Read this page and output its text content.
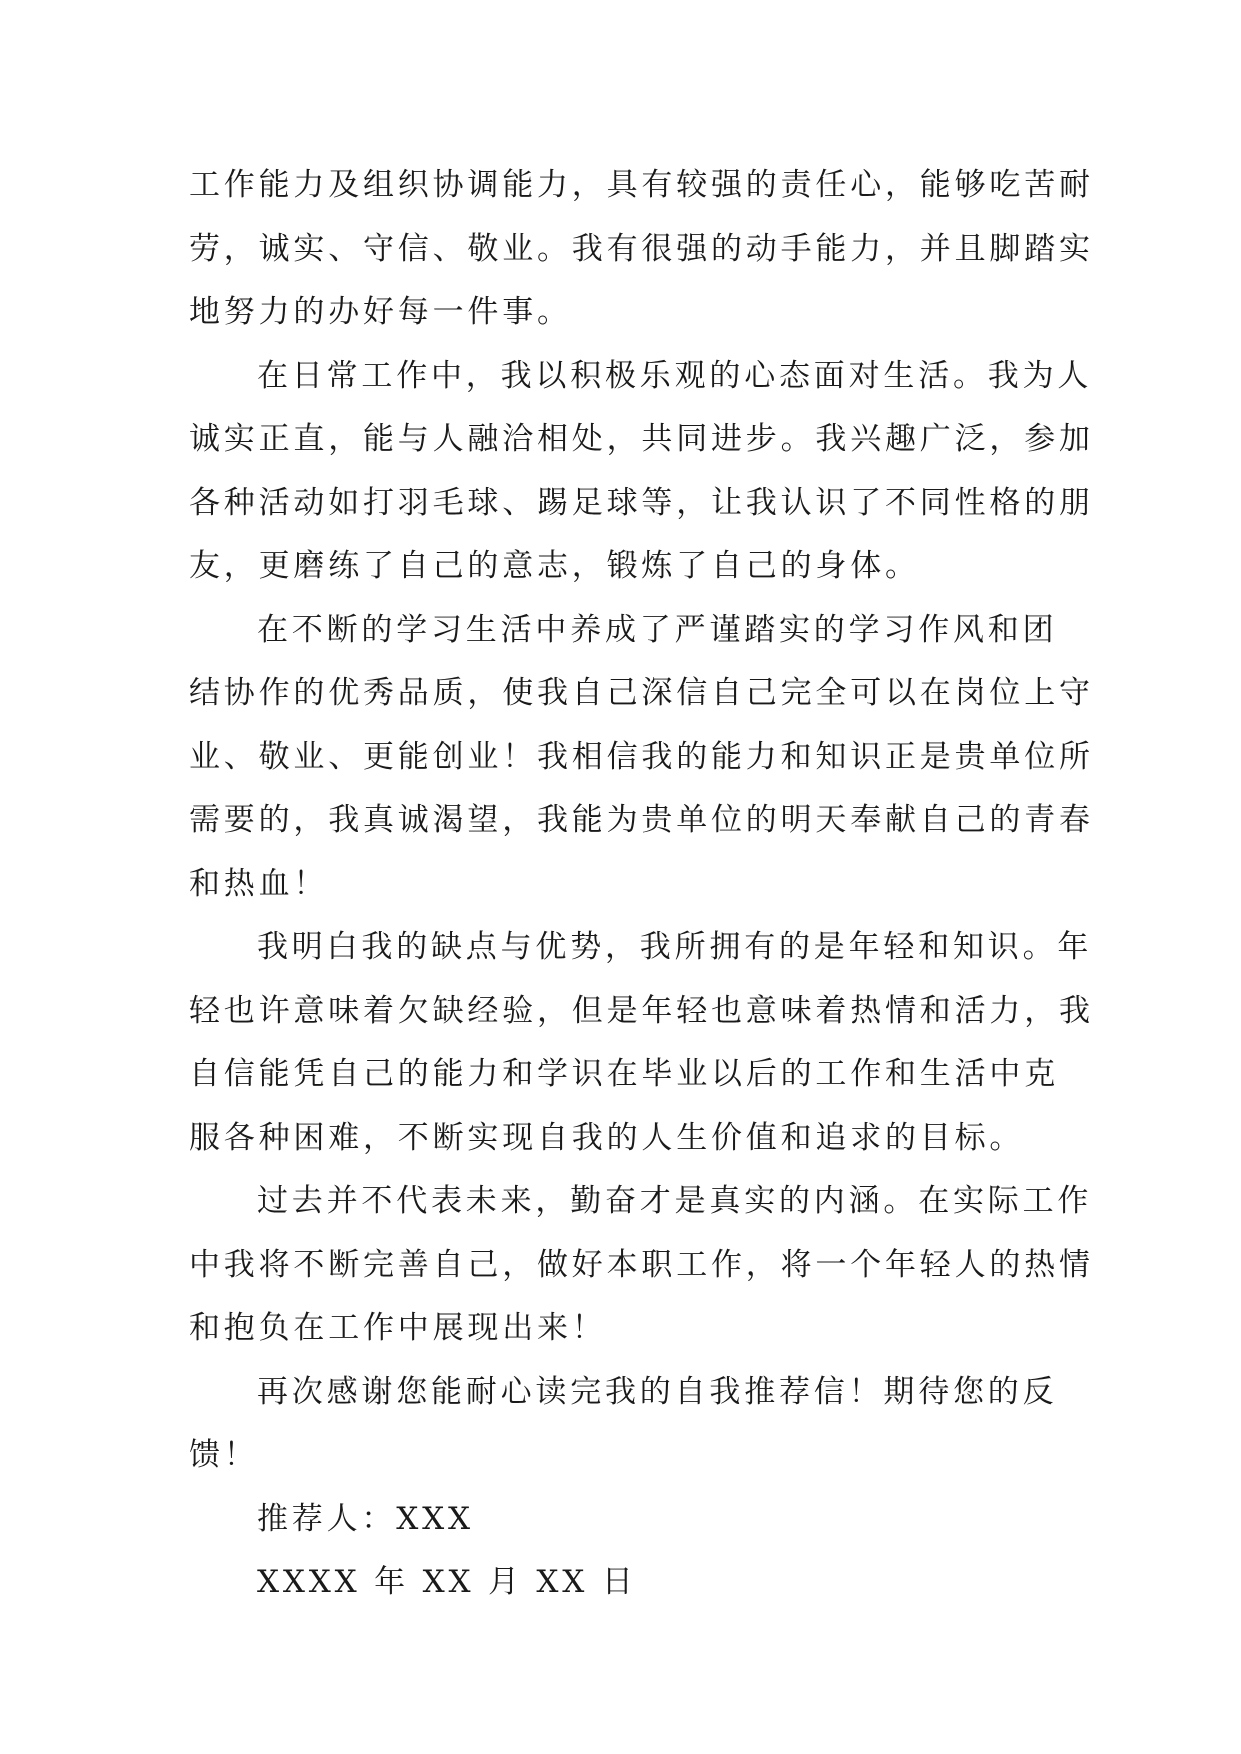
工作能力及组织协调能力，具有较强的责任心，能够吃苦耐
劳，诚实、守信、敬业。我有很强的动手能力，并且脚踏实
地努力的办好每一件事。
在日常工作中，我以积极乐观的心态面对生活。我为人
诚实正直，能与人融洽相处，共同进步。我兴趣广泛，参加
各种活动如打羽毛球、踢足球等，让我认识了不同性格的朋
友，更磨练了自己的意志，锻炼了自己的身体。
在不断的学习生活中养成了严谨踏实的学习作风和团
结协作的优秀品质，使我自己深信自己完全可以在岗位上守
业、敬业、更能创业！我相信我的能力和知识正是贵单位所
需要的，我真诚渴望，我能为贵单位的明天奉献自己的青春
和热血！
我明白我的缺点与优势，我所拥有的是年轻和知识。年
轻也许意味着欠缺经验，但是年轻也意味着热情和活力，我
自信能凭自己的能力和学识在毕业以后的工作和生活中克
服各种困难，不断实现自我的人生价值和追求的目标。
过去并不代表未来，勤奋才是真实的内涵。在实际工作
中我将不断完善自己，做好本职工作，将一个年轻人的热情
和抱负在工作中展现出来！
再次感谢您能耐心读完我的自我推荐信！期待您的反
馈！
推荐人：XXX
XXXX 年 XX 月 XX 日
